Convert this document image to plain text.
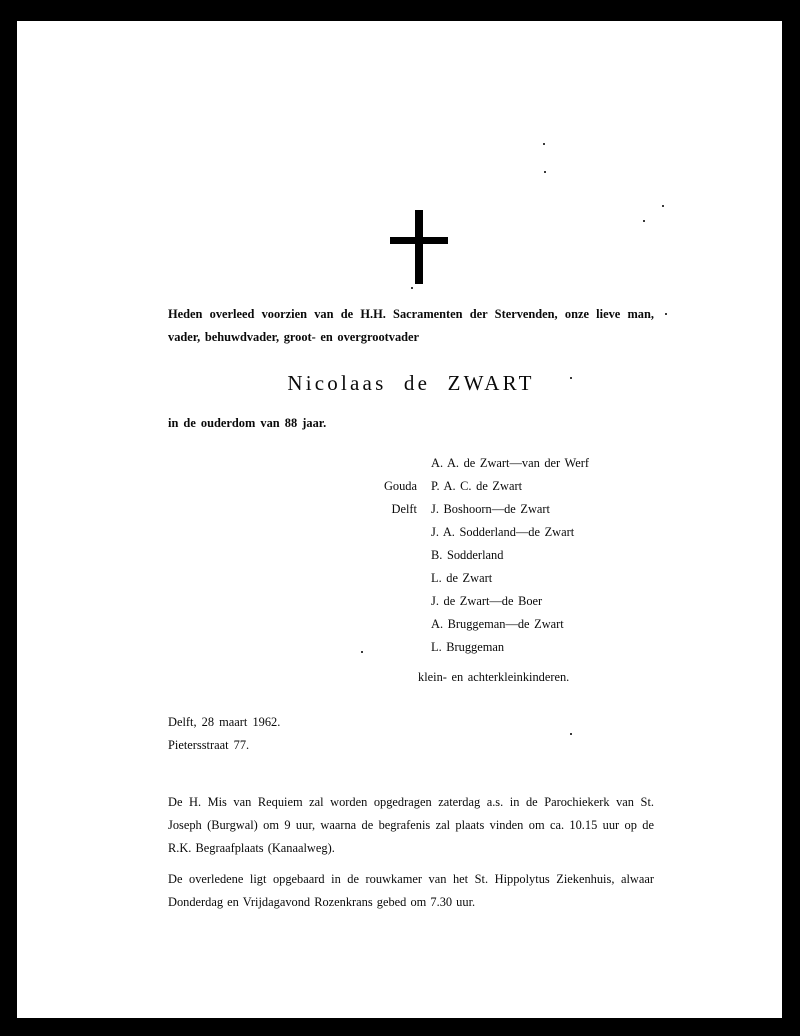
Heden overleed voorzien van de H.H. Sacramenten der Stervenden, onze lieve man, vader, behuwdvader, groot- en overgrootvader
Nicolaas de ZWART
in de ouderdom van 88 jaar.
A. A. de Zwart—van der Werf
Gouda	P. A. C. de Zwart
Delft	J. Boshoorn—de Zwart
J. A. Sodderland—de Zwart
B. Sodderland
L. de Zwart
J. de Zwart—de Boer
A. Bruggeman—de Zwart
L. Bruggeman
klein- en achterkleinkinderen.
Delft, 28 maart 1962.
Pietersstraat 77.
De H. Mis van Requiem zal worden opgedragen zaterdag a.s. in de Parochiekerk van St. Joseph (Burgwal) om 9 uur, waarna de begrafenis zal plaats vinden om ca. 10.15 uur op de R.K. Begraafplaats (Kanaalweg).
De overledene ligt opgebaard in de rouwkamer van het St. Hippolytus Ziekenhuis, alwaar Donderdag en Vrijdagavond Rozenkrans gebed om 7.30 uur.
